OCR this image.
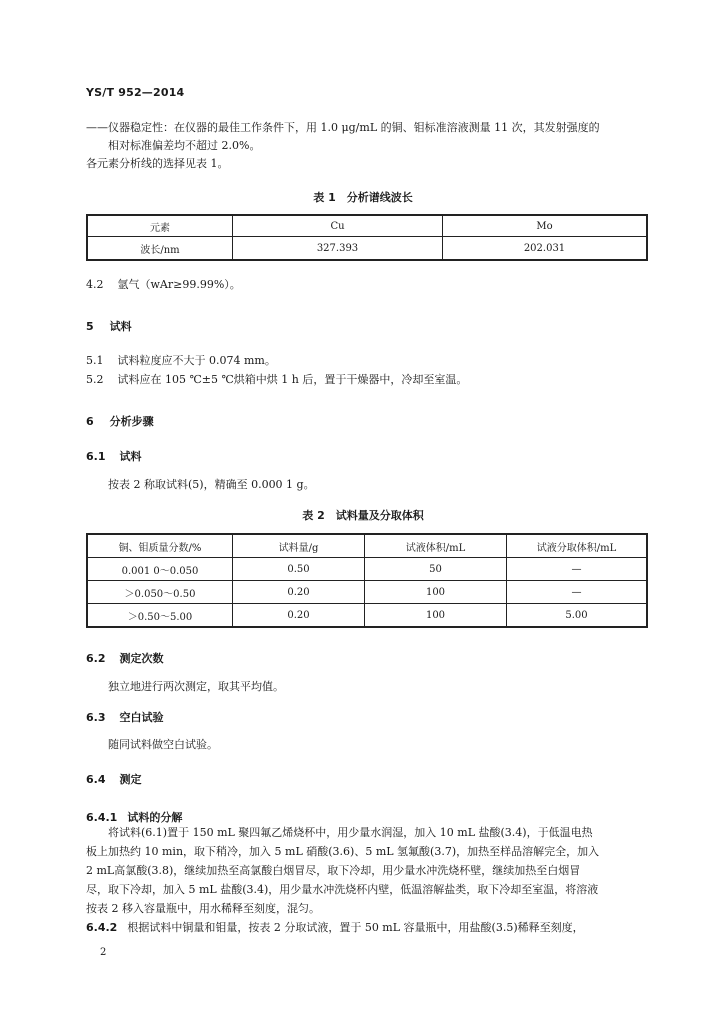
YS/T 952—2014
——仪器稳定性：在仪器的最佳工作条件下，用 1.0 μg/mL 的铜、钼标准溶液测量 11 次，其发射强度的
相对标准偏差均不超过 2.0%。
各元素分析线的选择见表 1。
表 1　分析谱线波长
元素	Cu	Mo
波长/nm	327.393	202.031
4.2 氩气（wAr≥99.99%）。
5 试料
5.1 试料粒度应不大于 0.074 mm。
5.2 试料应在 105 ℃±5 ℃烘箱中烘 1 h 后，置于干燥器中，冷却至室温。
6 分析步骤
6.1 试料
按表 2 称取试料(5)，精确至 0.000 1 g。
表 2　试料量及分取体积
铜、钼质量分数/%	试料量/g	试液体积/mL	试液分取体积/mL
0.001 0～0.050	0.50	50	—
＞0.050～0.50	0.20	100	—
＞0.50～5.00	0.20	100	5.00
6.2 测定次数
独立地进行两次测定，取其平均值。
6.3 空白试验
随同试料做空白试验。
6.4 测定
6.4.1 试料的分解
将试料(6.1)置于 150 mL 聚四氟乙烯烧杯中，用少量水润湿，加入 10 mL 盐酸(3.4)，于低温电热
板上加热约 10 min，取下稍冷，加入 5 mL 硝酸(3.6)、5 mL 氢氟酸(3.7)，加热至样品溶解完全，加入
2 mL高氯酸(3.8)，继续加热至高氯酸白烟冒尽，取下冷却，用少量水冲洗烧杯壁，继续加热至白烟冒
尽，取下冷却，加入 5 mL 盐酸(3.4)，用少量水冲洗烧杯内壁，低温溶解盐类，取下冷却至室温，将溶液
按表 2 移入容量瓶中，用水稀释至刻度，混匀。
6.4.2 根据试料中铜量和钼量，按表 2 分取试液，置于 50 mL 容量瓶中，用盐酸(3.5)稀释至刻度，
2
